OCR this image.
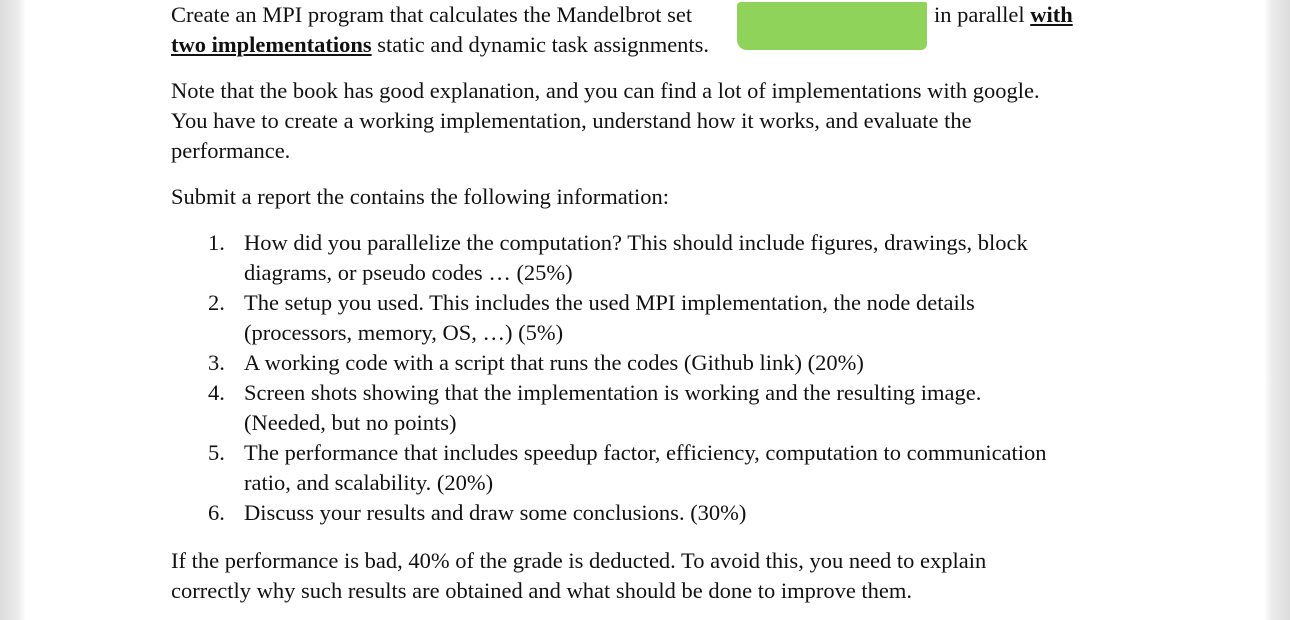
Create an MPI program that calculates the Mandelbrot set	in parallel with
two implementations static and dynamic task assignments.
Note that the book has good explanation, and you can find a lot of implementations with google.
You have to create a working implementation, understand how it works, and evaluate the
performance.
Submit a report the contains the following information:
1. How did you parallelize the computation? This should include figures, drawings, block
diagrams, or pseudo codes … (25%)
2. The setup you used. This includes the used MPI implementation, the node details
(processors, memory, OS, …) (5%)
3. A working code with a script that runs the codes (Github link) (20%)
4. Screen shots showing that the implementation is working and the resulting image.
(Needed, but no points)
5. The performance that includes speedup factor, efficiency, computation to communication
ratio, and scalability. (20%)
6. Discuss your results and draw some conclusions. (30%)
If the performance is bad, 40% of the grade is deducted. To avoid this, you need to explain
correctly why such results are obtained and what should be done to improve them.
